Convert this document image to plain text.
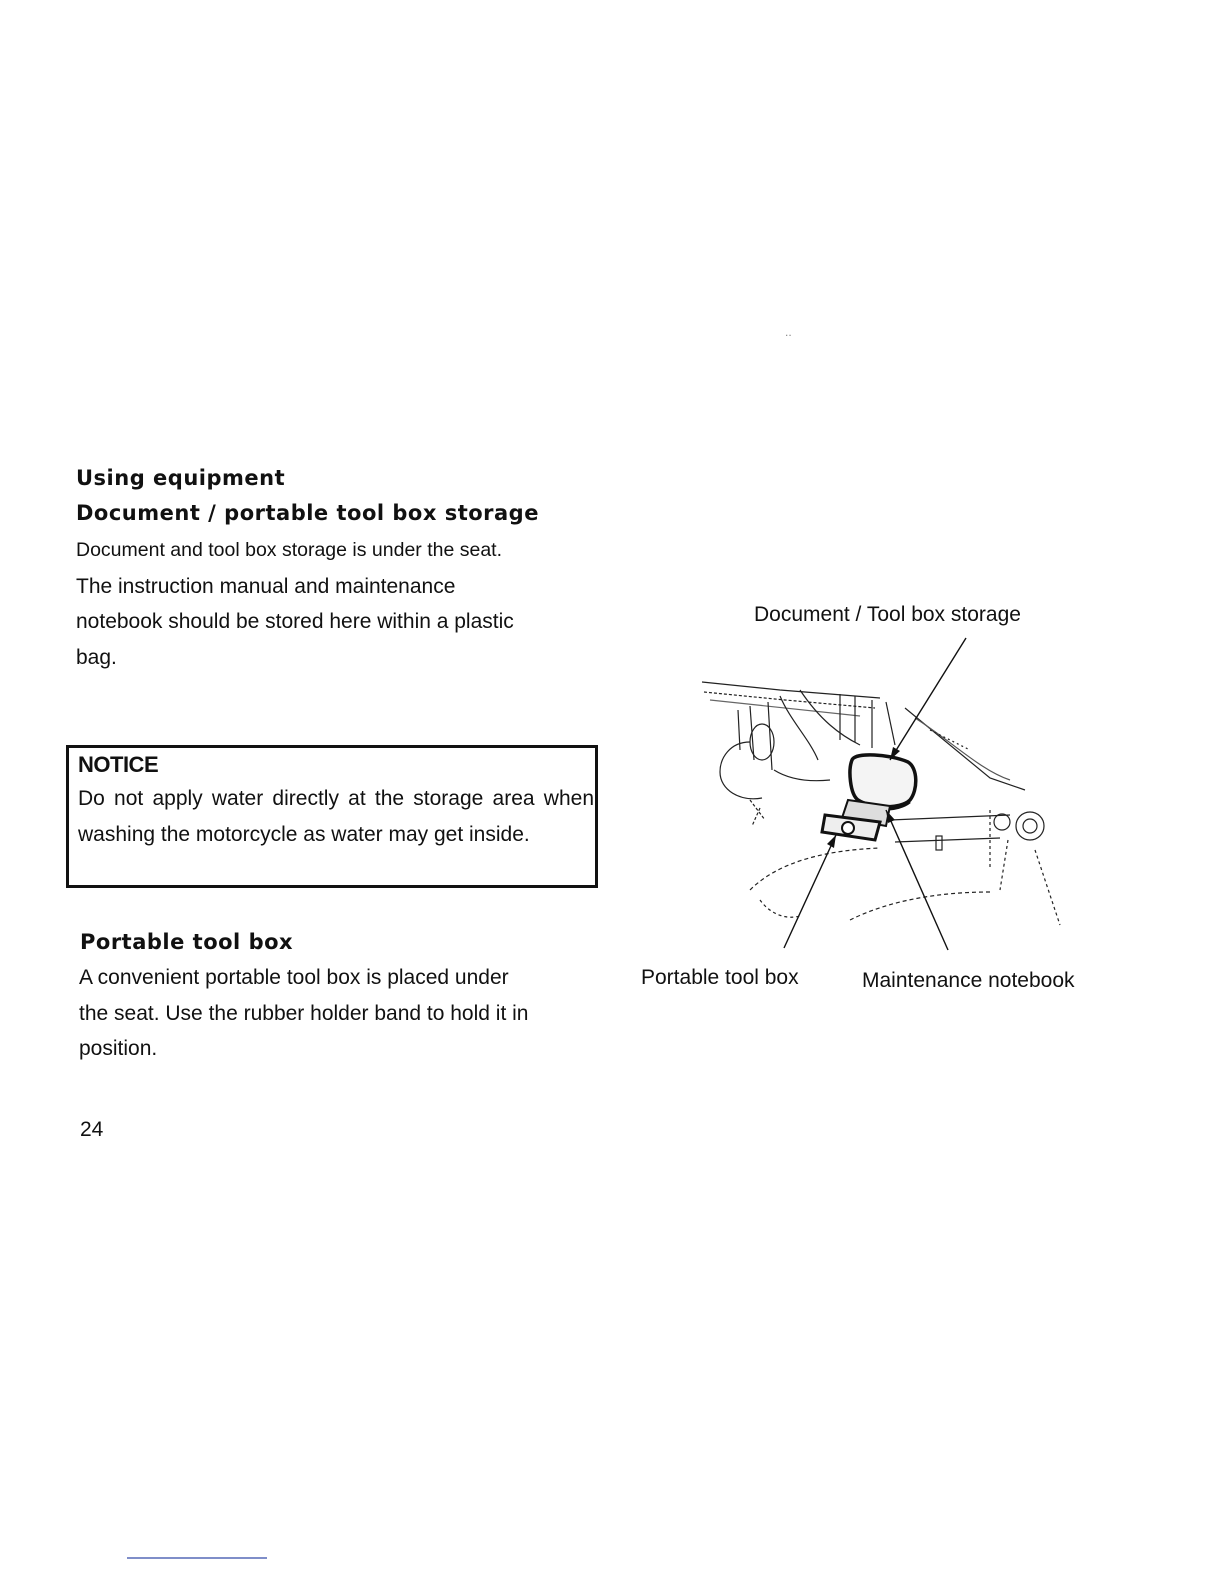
..
Using equipment
Document / portable tool box storage
Document and tool box storage is under the seat.
The instruction manual and maintenance
notebook should be stored here within a plastic
bag.
NOTICE
Do not apply water directly at the storage area when washing the motorcycle as water may get inside.
Portable tool box
A convenient portable tool box is placed under
the seat. Use the rubber holder band to hold it in
position.
24
Document / Tool box storage
Portable tool box	Maintenance notebook
